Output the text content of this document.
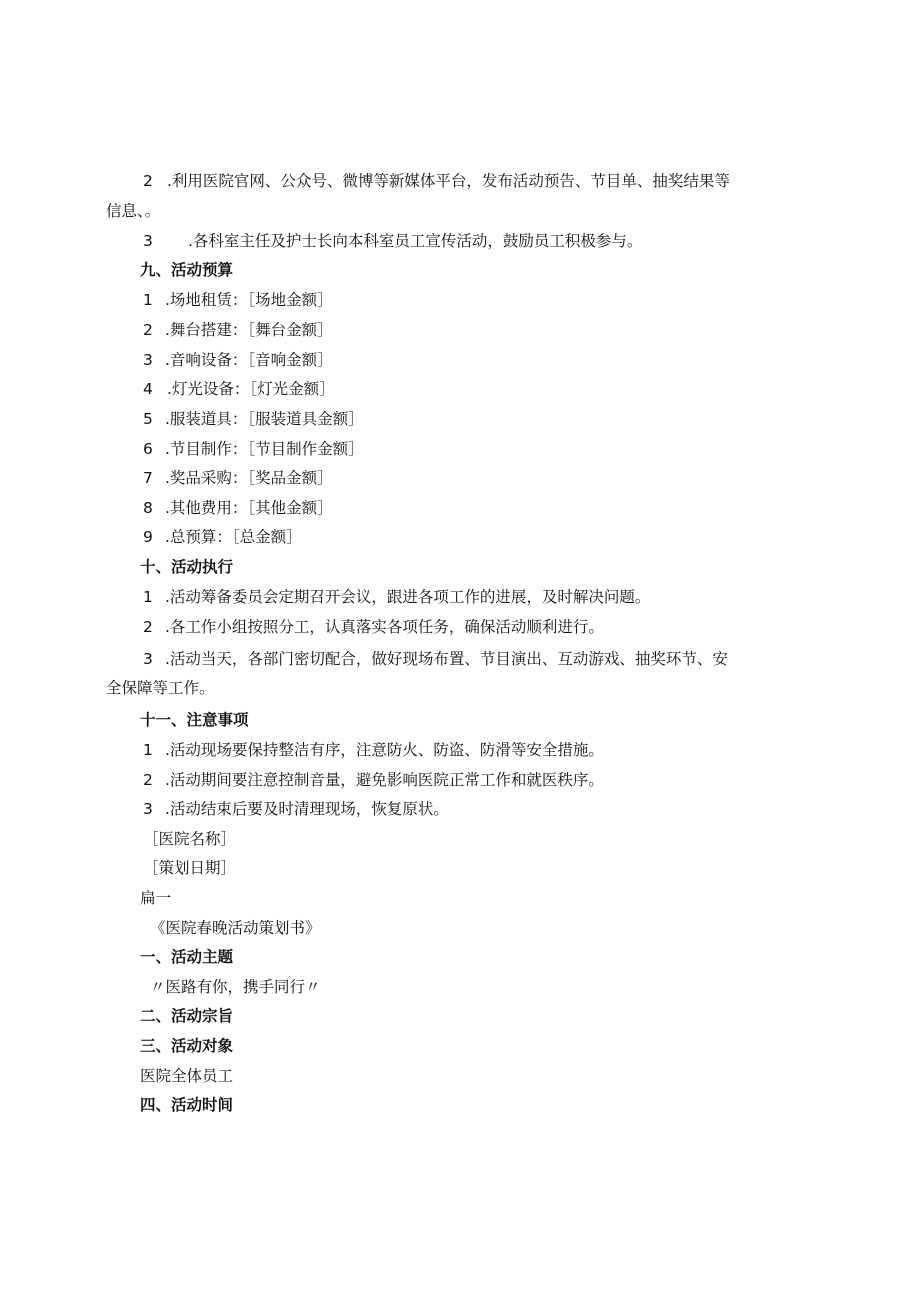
2 .利用医院官网、公众号、微博等新媒体平台，发布活动预告、节目单、抽奖结果等
信息、。
3 .各科室主任及护士长向本科室员工宣传活动，鼓励员工积极参与。
九、活动预算
1 .场地租赁：［场地金额］
2 .舞台搭建：［舞台金额］
3 .音响设备：［音响金额］
4 .灯光设备：［灯光金额］
5 .服装道具：［服装道具金额］
6 .节目制作：［节目制作金额］
7 .奖品采购：［奖品金额］
8 .其他费用：［其他金额］
9 .总预算：［总金额］
十、活动执行
1 .活动筹备委员会定期召开会议，跟进各项工作的进展，及时解决问题。
2 .各工作小组按照分工，认真落实各项任务，确保活动顺利进行。
3 .活动当天，各部门密切配合，做好现场布置、节目演出、互动游戏、抽奖环节、安
全保障等工作。
十一、注意事项
1 .活动现场要保持整洁有序，注意防火、防盗、防滑等安全措施。
2 .活动期间要注意控制音量，避免影响医院正常工作和就医秩序。
3 .活动结束后要及时清理现场，恢复原状。
［医院名称］
［策划日期］
扁一
《医院春晚活动策划书》
一、活动主题
〃医路有你，携手同行〃
二、活动宗旨
三、活动对象
医院全体员工
四、活动时间
